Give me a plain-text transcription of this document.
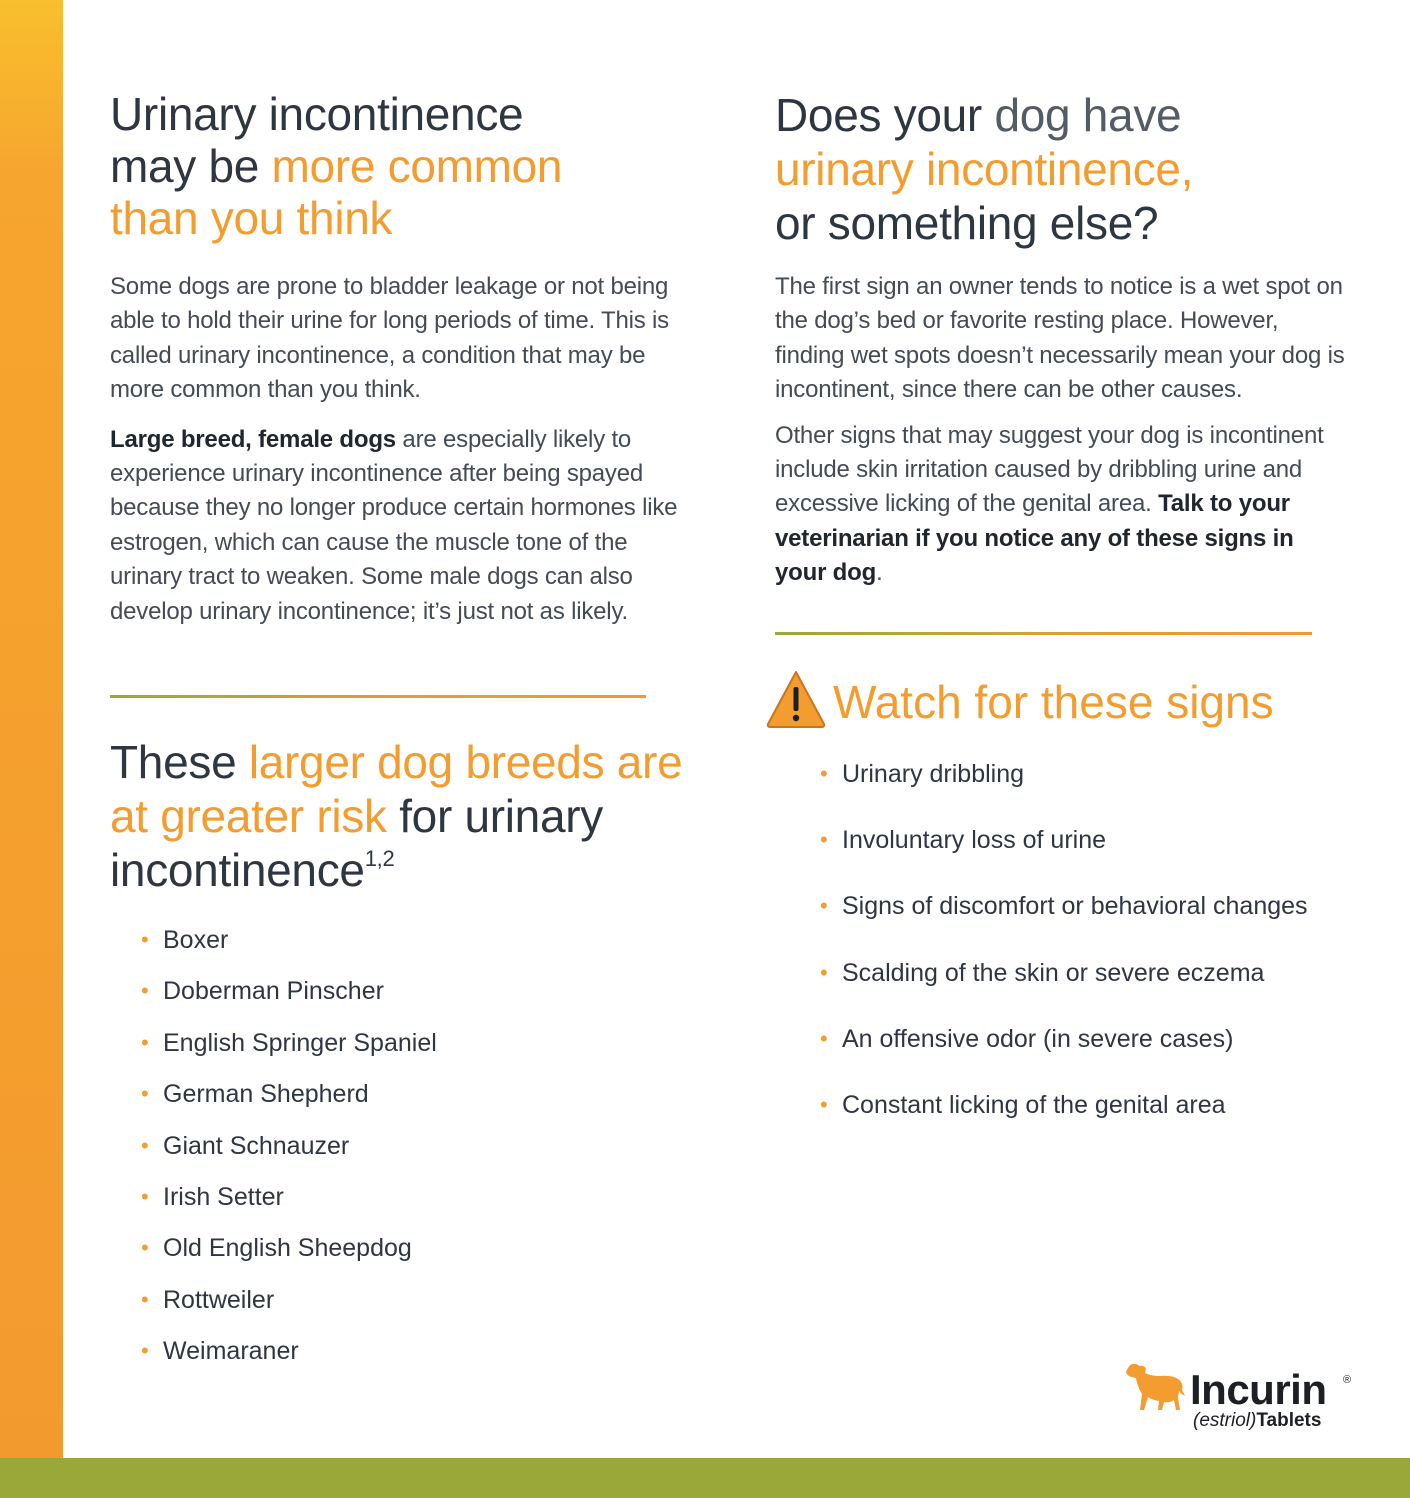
Urinary incontinence
may be more common
than you think

Some dogs are prone to bladder leakage or not being able to hold their urine for long periods of time. This is called urinary incontinence, a condition that may be more common than you think.

Large breed, female dogs are especially likely to experience urinary incontinence after being spayed because they no longer produce certain hormones like estrogen, which can cause the muscle tone of the urinary tract to weaken. Some male dogs can also develop urinary incontinence; it’s just not as likely.

These larger dog breeds are
at greater risk for urinary
incontinence$^{1,2}$
• Boxer
• Doberman Pinscher
• English Springer Spaniel
• German Shepherd
• Giant Schnauzer
• Irish Setter
• Old English Sheepdog
• Rottweiler
• Weimaraner
Does your dog have
urinary incontinence,
or something else?

The first sign an owner tends to notice is a wet spot on the dog’s bed or favorite resting place. However, finding wet spots doesn’t necessarily mean your dog is incontinent, since there can be other causes.

Other signs that may suggest your dog is incontinent include skin irritation caused by dribbling urine and excessive licking of the genital area. Talk to your veterinarian if you notice any of these signs in your dog.

Watch for these signs
• Urinary dribbling
• Involuntary loss of urine
• Signs of discomfort or behavioral changes
• Scalding of the skin or severe eczema
• An offensive odor (in severe cases)
• Constant licking of the genital area
Incurin ®
(estriol)Tablets
